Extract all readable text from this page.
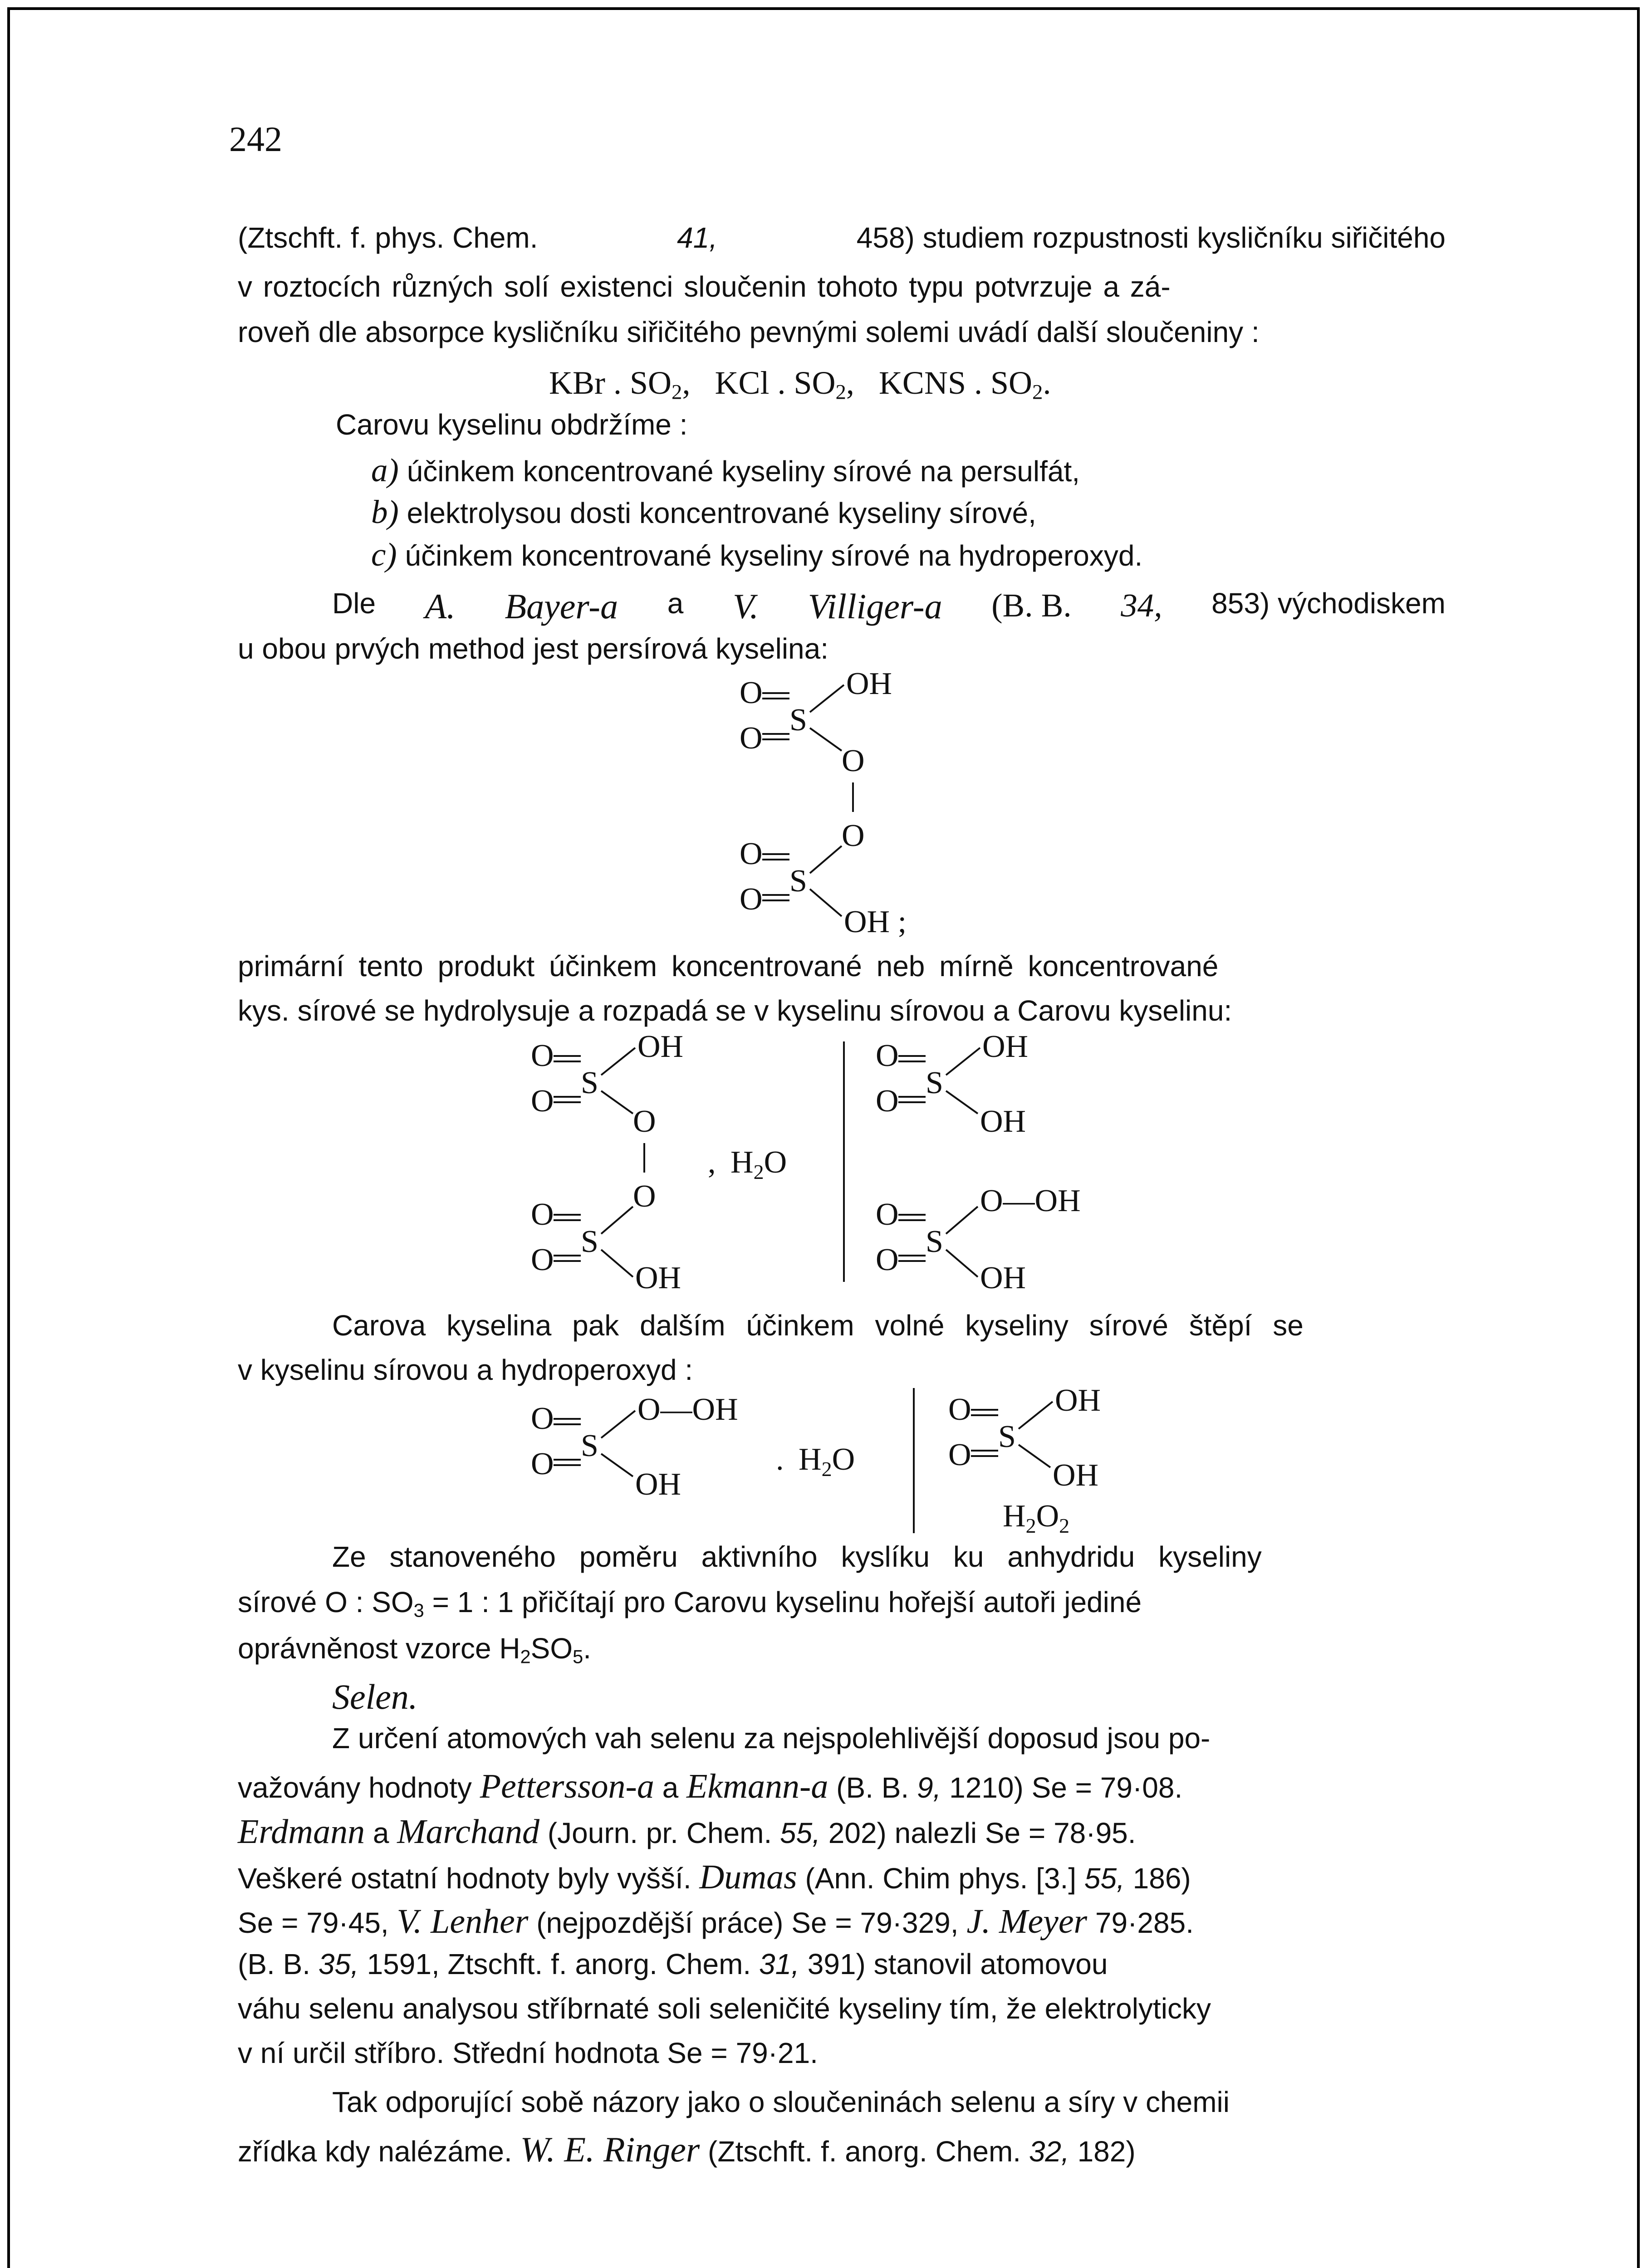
242
(Ztschft. f. phys. Chem.	41,	458) studiem rozpustnosti kysličníku siřičitého
v roztocích různých solí existenci sloučenin tohoto typu potvrzuje a zá-
roveň dle absorpce kysličníku siřičitého pevnými solemi uvádí další sloučeniny :
KBr . $SO_2$, KCl . $SO_2$, KCNS . $SO_2$.
Carovu kyselinu obdržíme :
a) účinkem koncentrované kyseliny sírové na persulfát,
b) elektrolysou dosti koncentrované kyseliny sírové,
c) účinkem koncentrované kyseliny sírové na hydroperoxyd.
Dle A. Bayer-a a V. Villiger-a (B. B. 34, 853) východiskem
u obou prvých method jest persírová kyselina:
O
O
S
OH
O
O
O
O
S
OH ;
primární tento produkt účinkem koncentrované neb mírně koncentrované
kys. sírové se hydrolysuje a rozpadá se v kyselinu sírovou a Carovu kyselinu:
O
O
S
OH
O
O
O
O
S
OH
, $H_2O$
O
O
S
OH
OH
O
O
S
O—OH
OH
Carova kyselina pak dalším účinkem volné kyseliny sírové štěpí se
v kyselinu sírovou a hydroperoxyd :
O
O
S
O—OH
OH
. $H_2O$
O
O
S
OH
OH
$H_2O_2$
Ze stanoveného poměru aktivního kyslíku ku anhydridu kyseliny
sírové O : $SO_3 = 1$ : 1 přičítají pro Carovu kyselinu hořejší autoři jediné
oprávněnost vzorce $H_2SO_5$.
Selen.
Z určení atomových vah selenu za nejspolehlivější doposud jsou po-
važovány hodnoty Pettersson-a a Ekmann-a (B. B. 9, 1210) Se = 79·08.
Erdmann a Marchand (Journ. pr. Chem. 55, 202) nalezli Se = 78·95.
Veškeré ostatní hodnoty byly vyšší. Dumas (Ann. Chim phys. [3.] 55, 186)
Se = 79·45, V. Lenher (nejpozdější práce) Se = 79·329, J. Meyer 79·285.
(B. B. 35, 1591, Ztschft. f. anorg. Chem. 31, 391) stanovil atomovou
váhu selenu analysou stříbrnaté soli seleničité kyseliny tím, že elektrolyticky
v ní určil stříbro. Střední hodnota Se = 79·21.
Tak odporující sobě názory jako o sloučeninách selenu a síry v chemii
zřídka kdy nalézáme. W. E. Ringer (Ztschft. f. anorg. Chem. 32, 182)
